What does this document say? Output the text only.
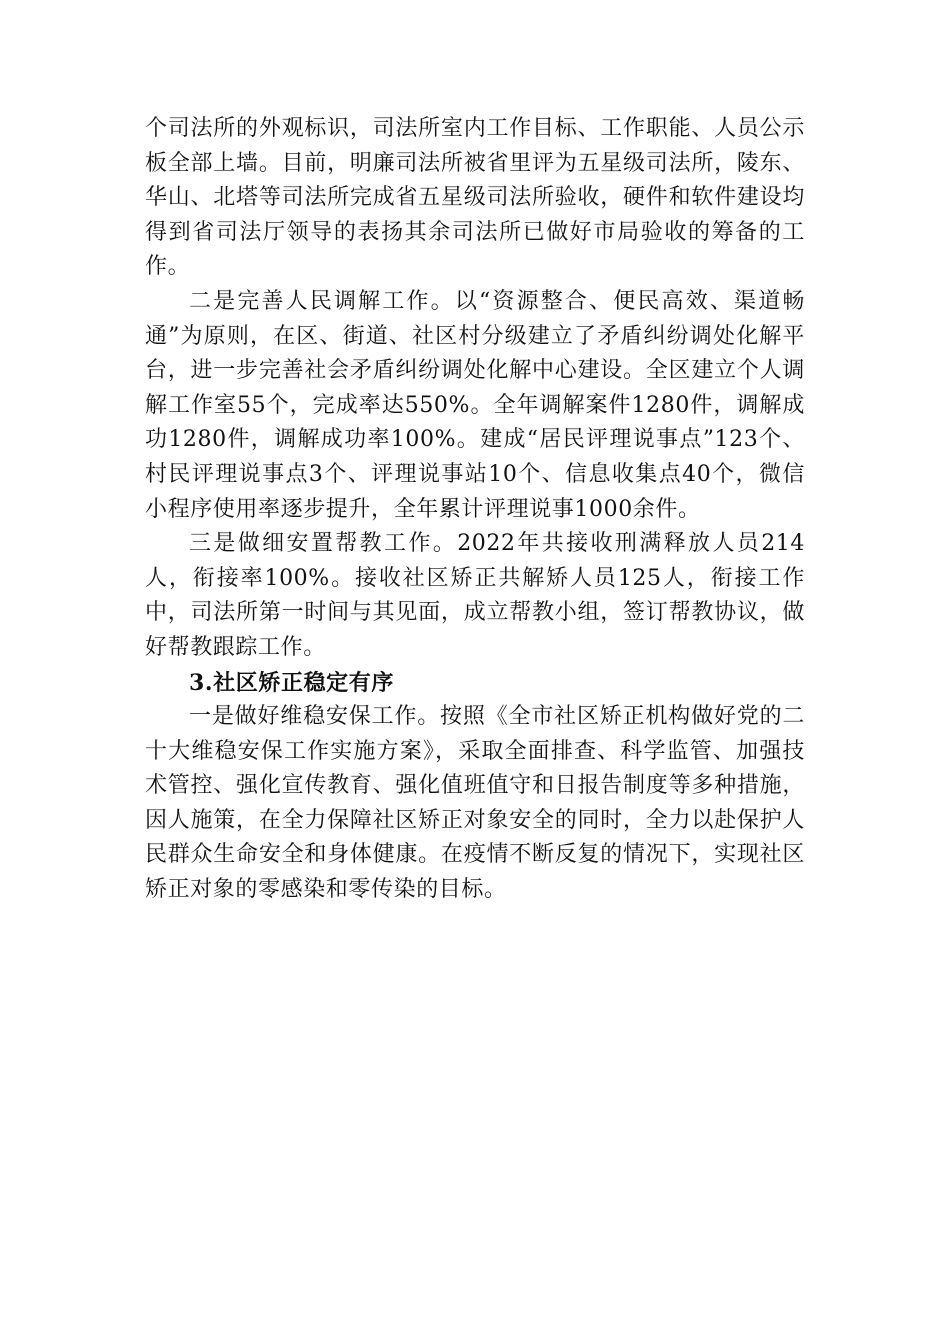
个司法所的外观标识，司法所室内工作目标、工作职能、人员公示板全部上墙。目前，明廉司法所被省里评为五星级司法所，陵东、华山、北塔等司法所完成省五星级司法所验收，硬件和软件建设均得到省司法厅领导的表扬其余司法所已做好市局验收的筹备的工作。

二是完善人民调解工作。以“资源整合、便民高效、渠道畅通”为原则，在区、街道、社区村分级建立了矛盾纠纷调处化解平台，进一步完善社会矛盾纠纷调处化解中心建设。全区建立个人调解工作室55个，完成率达550%。全年调解案件1280件，调解成功1280件，调解成功率100%。建成“居民评理说事点”123个、村民评理说事点3个、评理说事站10个、信息收集点40个，微信小程序使用率逐步提升，全年累计评理说事1000余件。

三是做细安置帮教工作。2022年共接收刑满释放人员214人，衔接率100%。接收社区矫正共解矫人员125人，衔接工作中，司法所第一时间与其见面，成立帮教小组，签订帮教协议，做好帮教跟踪工作。

3.社区矫正稳定有序

一是做好维稳安保工作。按照《全市社区矫正机构做好党的二十大维稳安保工作实施方案》，采取全面排查、科学监管、加强技术管控、强化宣传教育、强化值班值守和日报告制度等多种措施，因人施策，在全力保障社区矫正对象安全的同时，全力以赴保护人民群众生命安全和身体健康。在疫情不断反复的情况下，实现社区矫正对象的零感染和零传染的目标。
